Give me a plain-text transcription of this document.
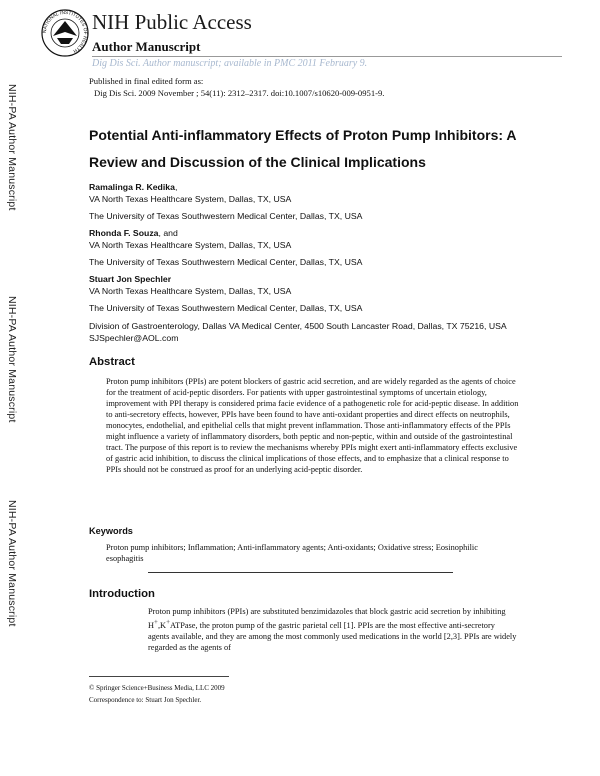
NATIONAL INSTITUTES OF HEALTH
NIH Public Access
Author Manuscript
Dig Dis Sci. Author manuscript; available in PMC 2011 February 9.
Published in final edited form as:
Dig Dis Sci. 2009 November ; 54(11): 2312–2317. doi:10.1007/s10620-009-0951-9.
NIH-PA Author Manuscript
NIH-PA Author Manuscript
NIH-PA Author Manuscript
Potential Anti-inflammatory Effects of Proton Pump Inhibitors: A Review and Discussion of the Clinical Implications
Ramalinga R. Kedika,
VA North Texas Healthcare System, Dallas, TX, USA
The University of Texas Southwestern Medical Center, Dallas, TX, USA
Rhonda F. Souza, and
VA North Texas Healthcare System, Dallas, TX, USA
The University of Texas Southwestern Medical Center, Dallas, TX, USA
Stuart Jon Spechler
VA North Texas Healthcare System, Dallas, TX, USA
The University of Texas Southwestern Medical Center, Dallas, TX, USA
Division of Gastroenterology, Dallas VA Medical Center, 4500 South Lancaster Road, Dallas, TX 75216, USA SJSpechler@AOL.com
Abstract
Proton pump inhibitors (PPIs) are potent blockers of gastric acid secretion, and are widely regarded as the agents of choice for the treatment of acid-peptic disorders. For patients with upper gastrointestinal symptoms of uncertain etiology, improvement with PPI therapy is considered prima facie evidence of a pathogenetic role for acid-peptic disease. In addition to anti-secretory effects, however, PPIs have been found to have anti-oxidant properties and direct effects on neutrophils, monocytes, endothelial, and epithelial cells that might prevent inflammation. Those anti-inflammatory effects of the PPIs might influence a variety of inflammatory disorders, both peptic and non-peptic, within and outside of the gastrointestinal tract. The purpose of this report is to review the mechanisms whereby PPIs might exert anti-inflammatory effects exclusive of gastric acid inhibition, to discuss the clinical implications of those effects, and to emphasize that a clinical response to PPIs should not be construed as proof for an underlying acid-peptic disorder.
Keywords
Proton pump inhibitors; Inflammation; Anti-inflammatory agents; Anti-oxidants; Oxidative stress; Eosinophilic esophagitis
Introduction
Proton pump inhibitors (PPIs) are substituted benzimidazoles that block gastric acid secretion by inhibiting H+,K+ATPase, the proton pump of the gastric parietal cell [1]. PPIs are the most effective anti-secretory agents available, and they are among the most commonly used medications in the world [2,3]. PPIs are widely regarded as the agents of
© Springer Science+Business Media, LLC 2009
Correspondence to: Stuart Jon Spechler.
